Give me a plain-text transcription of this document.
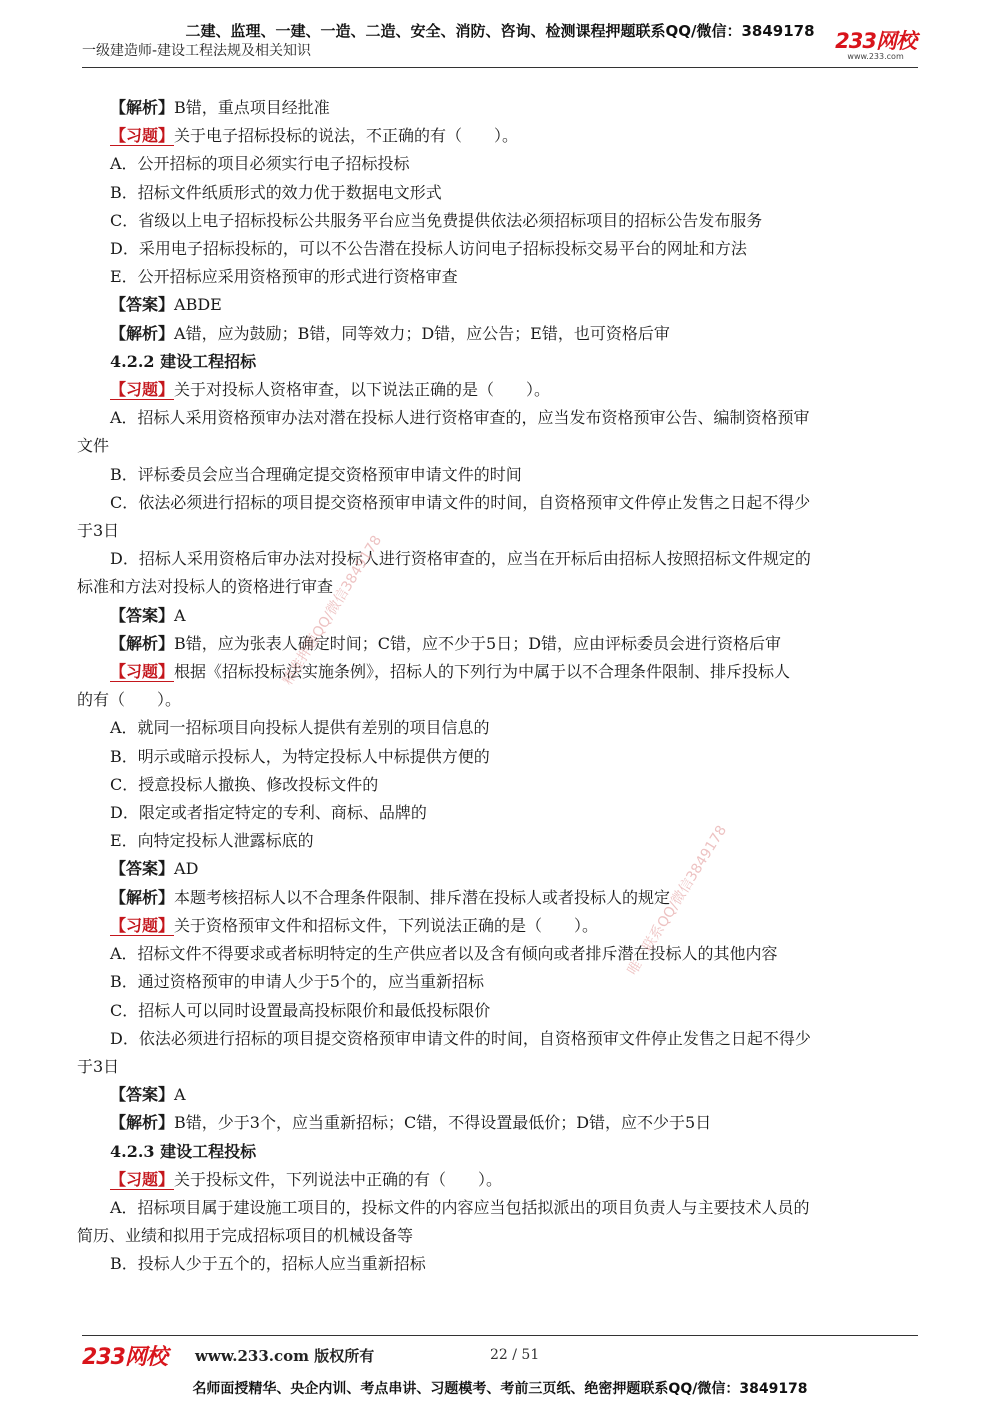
二建、监理、一建、一造、二造、安全、消防、咨询、检测课程押题联系QQ/微信：3849178
一级建造师-建设工程法规及相关知识	233网校
www.233.com
【解析】B错，重点项目经批准
【习题】关于电子招标投标的说法，不正确的有（　　）。
A．公开招标的项目必须实行电子招标投标
B．招标文件纸质形式的效力优于数据电文形式
C．省级以上电子招标投标公共服务平台应当免费提供依法必须招标项目的招标公告发布服务
D．采用电子招标投标的，可以不公告潜在投标人访问电子招标投标交易平台的网址和方法
E．公开招标应采用资格预审的形式进行资格审查
【答案】ABDE
【解析】A错，应为鼓励；B错，同等效力；D错，应公告；E错，也可资格后审
4.2.2 建设工程招标
【习题】关于对投标人资格审查，以下说法正确的是（　　）。
A．招标人采用资格预审办法对潜在投标人进行资格审查的，应当发布资格预审公告、编制资格预审
文件
B．评标委员会应当合理确定提交资格预审申请文件的时间
C．依法必须进行招标的项目提交资格预审申请文件的时间，自资格预审文件停止发售之日起不得少
于3日
D．招标人采用资格后审办法对投标人进行资格审查的，应当在开标后由招标人按照招标文件规定的
标准和方法对投标人的资格进行审查
【答案】A
【解析】B错，应为张表人确定时间；C错，应不少于5日；D错，应由评标委员会进行资格后审
【习题】根据《招标投标法实施条例》，招标人的下列行为中属于以不合理条件限制、排斥投标人
的有（　　）。
A．就同一招标项目向投标人提供有差别的项目信息的
B．明示或暗示投标人，为特定投标人中标提供方便的
C．授意投标人撤换、修改投标文件的
D．限定或者指定特定的专利、商标、品牌的
E．向特定投标人泄露标底的
【答案】AD
【解析】本题考核招标人以不合理条件限制、排斥潜在投标人或者投标人的规定
【习题】关于资格预审文件和招标文件，下列说法正确的是（　　）。
A．招标文件不得要求或者标明特定的生产供应者以及含有倾向或者排斥潜在投标人的其他内容
B．通过资格预审的申请人少于5个的，应当重新招标
C．招标人可以同时设置最高投标限价和最低投标限价
D．依法必须进行招标的项目提交资格预审申请文件的时间，自资格预审文件停止发售之日起不得少
于3日
【答案】A
【解析】B错，少于3个，应当重新招标；C错，不得设置最低价；D错，应不少于5日
4.2.3 建设工程投标
【习题】关于投标文件，下列说法中正确的有（　　）。
A．招标项目属于建设施工项目的，投标文件的内容应当包括拟派出的项目负责人与主要技术人员的
简历、业绩和拟用于完成招标项目的机械设备等
B．投标人少于五个的，招标人应当重新招标
精准押题QQ/微信3849178
唯一联系QQ/微信3849178
233网校 www.233.com 版权所有	22 / 51
名师面授精华、央企内训、考点串讲、习题模考、考前三页纸、绝密押题联系QQ/微信：3849178
